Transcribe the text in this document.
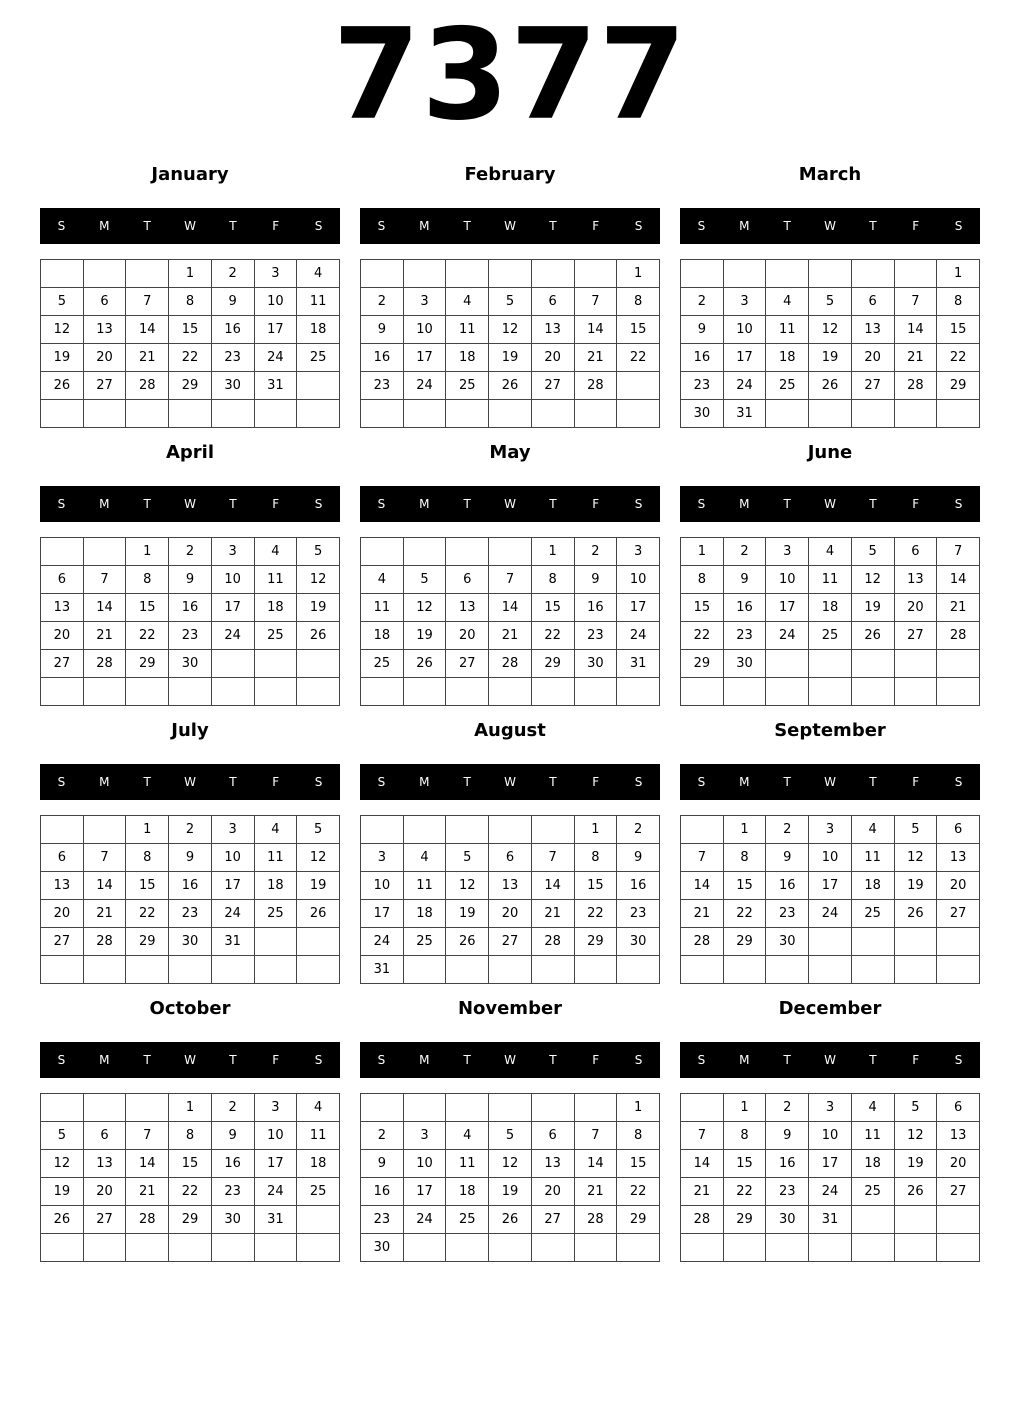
7377
January
S	M	T	W	T	F	S
			1	2	3	4
5	6	7	8	9	10	11
12	13	14	15	16	17	18
19	20	21	22	23	24	25
26	27	28	29	30	31	

February
S	M	T	W	T	F	S
						1
2	3	4	5	6	7	8
9	10	11	12	13	14	15
16	17	18	19	20	21	22
23	24	25	26	27	28	

March
S	M	T	W	T	F	S
						1
2	3	4	5	6	7	8
9	10	11	12	13	14	15
16	17	18	19	20	21	22
23	24	25	26	27	28	29
30	31					
April
S	M	T	W	T	F	S
		1	2	3	4	5
6	7	8	9	10	11	12
13	14	15	16	17	18	19
20	21	22	23	24	25	26
27	28	29	30			

May
S	M	T	W	T	F	S
				1	2	3
4	5	6	7	8	9	10
11	12	13	14	15	16	17
18	19	20	21	22	23	24
25	26	27	28	29	30	31

June
S	M	T	W	T	F	S
1	2	3	4	5	6	7
8	9	10	11	12	13	14
15	16	17	18	19	20	21
22	23	24	25	26	27	28
29	30					

July
S	M	T	W	T	F	S
		1	2	3	4	5
6	7	8	9	10	11	12
13	14	15	16	17	18	19
20	21	22	23	24	25	26
27	28	29	30	31		

August
S	M	T	W	T	F	S
					1	2
3	4	5	6	7	8	9
10	11	12	13	14	15	16
17	18	19	20	21	22	23
24	25	26	27	28	29	30
31						
September
S	M	T	W	T	F	S
	1	2	3	4	5	6
7	8	9	10	11	12	13
14	15	16	17	18	19	20
21	22	23	24	25	26	27
28	29	30				

October
S	M	T	W	T	F	S
			1	2	3	4
5	6	7	8	9	10	11
12	13	14	15	16	17	18
19	20	21	22	23	24	25
26	27	28	29	30	31	

November
S	M	T	W	T	F	S
						1
2	3	4	5	6	7	8
9	10	11	12	13	14	15
16	17	18	19	20	21	22
23	24	25	26	27	28	29
30						
December
S	M	T	W	T	F	S
	1	2	3	4	5	6
7	8	9	10	11	12	13
14	15	16	17	18	19	20
21	22	23	24	25	26	27
28	29	30	31			
